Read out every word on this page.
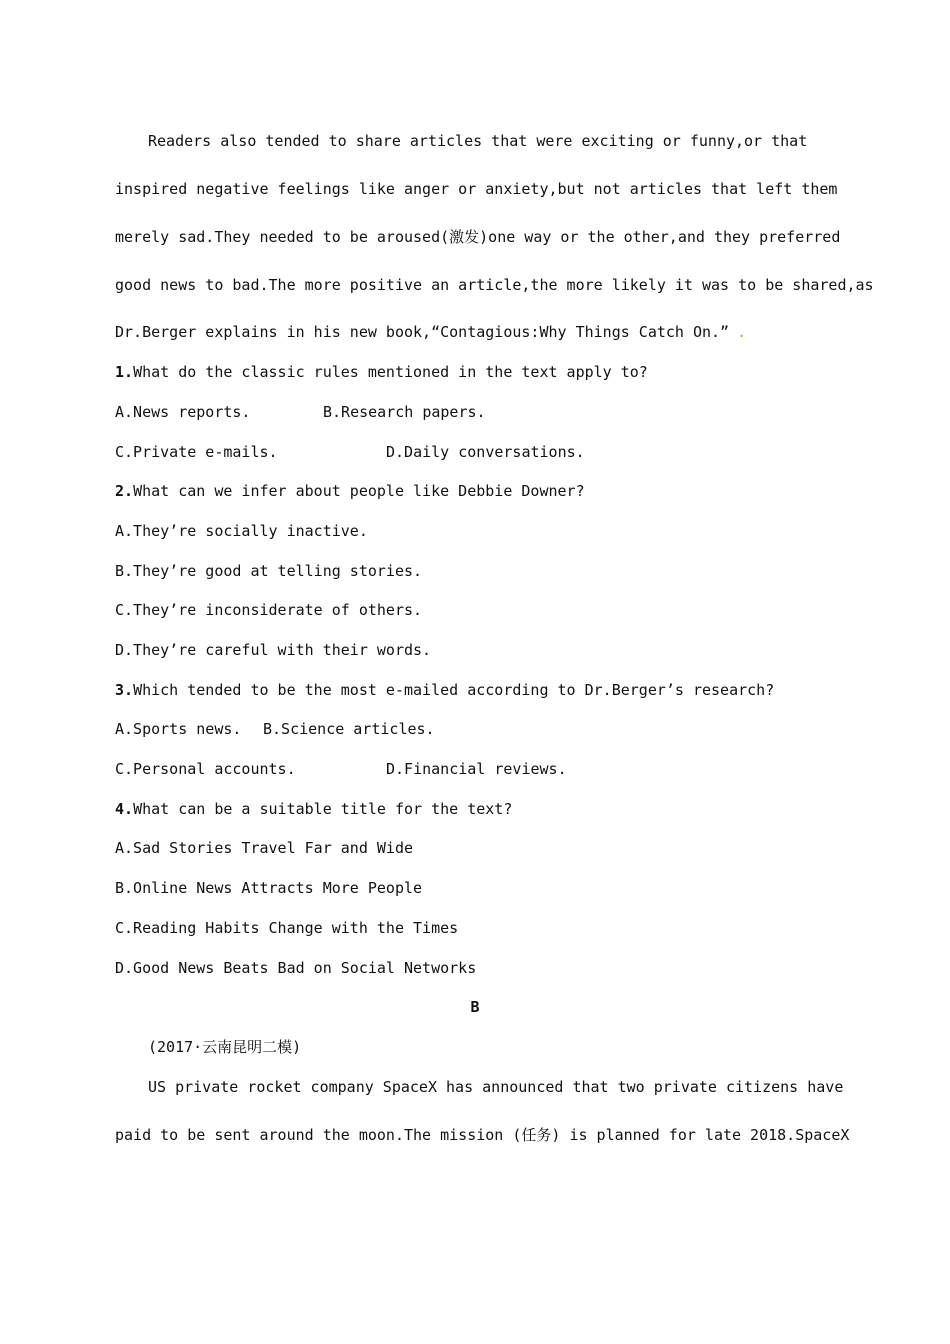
Readers also tended to share articles that were exciting or funny,or that
inspired negative feelings like anger or anxiety,but not articles that left them
merely sad.They needed to be aroused(激发)one way or the other,and they preferred
good news to bad.The more positive an article,the more likely it was to be shared,as
Dr.Berger explains in his new book,“Contagious:Why Things Catch On.” .
1.What do the classic rules mentioned in the text apply to?
A.News reports.	B.Research papers.
C.Private e-mails.	D.Daily conversations.
2.What can we infer about people like Debbie Downer?
A.They’re socially inactive.
B.They’re good at telling stories.
C.They’re inconsiderate of others.
D.They’re careful with their words.
3.Which tended to be the most e-mailed according to Dr.Berger’s research?
A.Sports news. B.Science articles.
C.Personal accounts.	D.Financial reviews.
4.What can be a suitable title for the text?
A.Sad Stories Travel Far and Wide
B.Online News Attracts More People
C.Reading Habits Change with the Times
D.Good News Beats Bad on Social Networks
B
(2017·云南昆明二模)
US private rocket company SpaceX has announced that two private citizens have
paid to be sent around the moon.The mission (任务) is planned for late 2018.SpaceX
